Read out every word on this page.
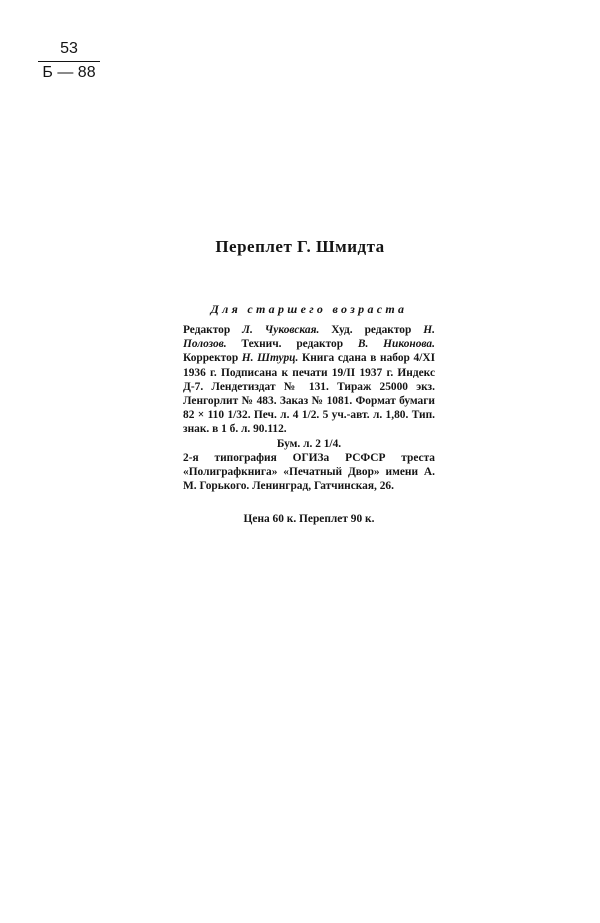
53
Б — 88
Переплет Г. Шмидта
Для старшего возраста

Редактор Л. Чуковская. Худ. редактор Н. Полозов. Технич. редактор В. Никонова. Корректор Н. Штурц. Книга сдана в набор 4/XI 1936 г. Подписана к печати 19/II 1937 г. Индекс Д-7. Лендетиздат № 131. Тираж 25000 экз. Ленгорлит № 483. Заказ № 1081. Формат бумаги 82 × 110 1/32. Печ. л. 4 1/2. 5 уч.-авт. л. 1,80. Тип. знак. в 1 б. л. 90.112.

Бум. л. 2 1/4.

2-я типография ОГИЗа РСФСР треста «Полиграфкнига» «Печатный Двор» имени А. М. Горького. Ленинград, Гатчинская, 26.

Цена 60 к. Переплет 90 к.
